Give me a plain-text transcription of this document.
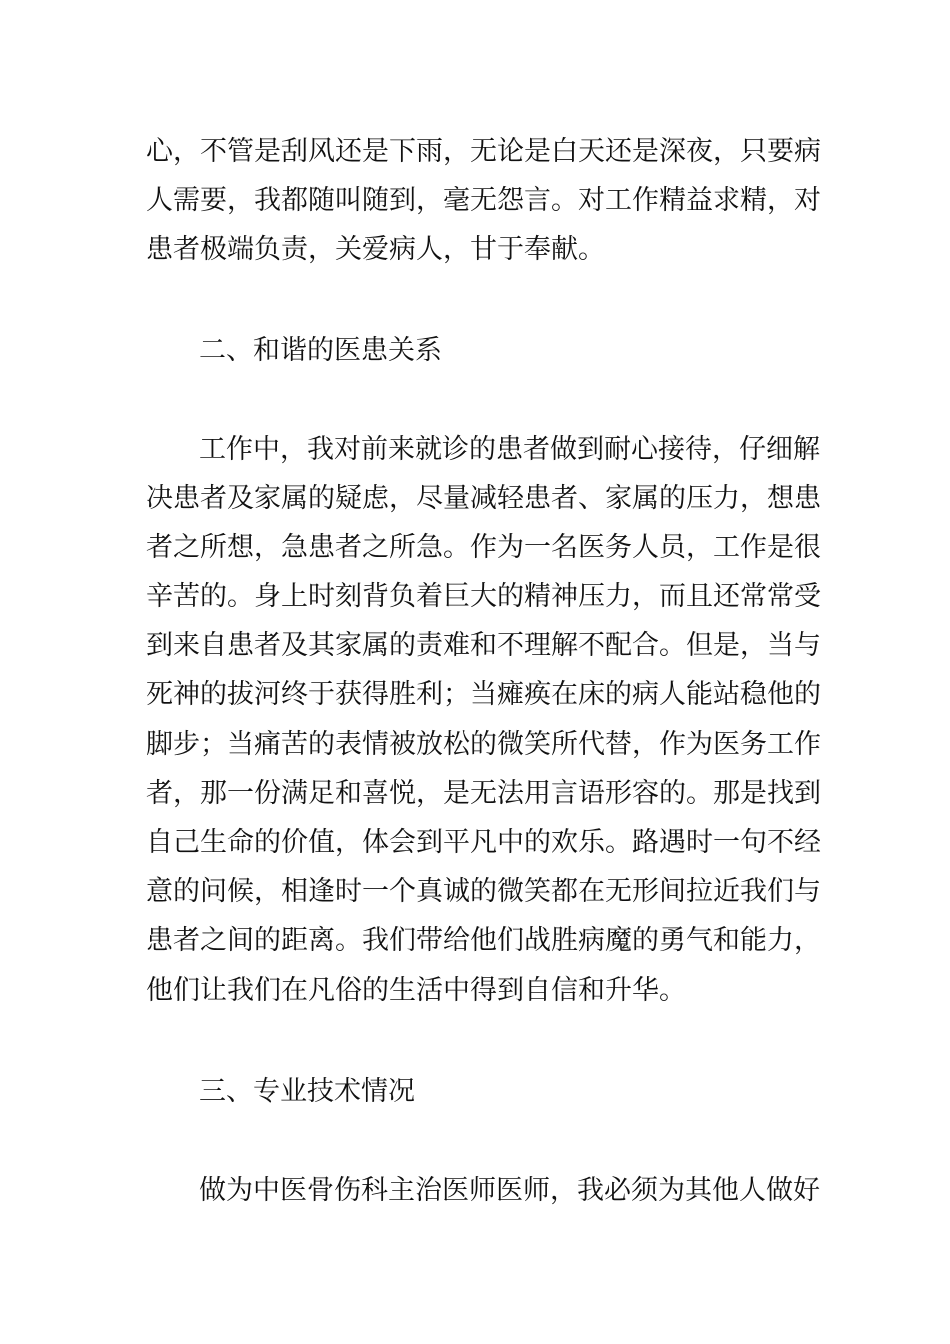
心，不管是刮风还是下雨，无论是白天还是深夜，只要病
人需要，我都随叫随到，毫无怨言。对工作精益求精，对
患者极端负责，关爱病人，甘于奉献。
二、和谐的医患关系
工作中，我对前来就诊的患者做到耐心接待，仔细解
决患者及家属的疑虑，尽量减轻患者、家属的压力，想患
者之所想，急患者之所急。作为一名医务人员，工作是很
辛苦的。身上时刻背负着巨大的精神压力，而且还常常受
到来自患者及其家属的责难和不理解不配合。但是，当与
死神的拔河终于获得胜利；当瘫痪在床的病人能站稳他的
脚步；当痛苦的表情被放松的微笑所代替，作为医务工作
者，那一份满足和喜悦，是无法用言语形容的。那是找到
自己生命的价值，体会到平凡中的欢乐。路遇时一句不经
意的问候，相逢时一个真诚的微笑都在无形间拉近我们与
患者之间的距离。我们带给他们战胜病魔的勇气和能力，
他们让我们在凡俗的生活中得到自信和升华。
三、专业技术情况
做为中医骨伤科主治医师医师，我必须为其他人做好
